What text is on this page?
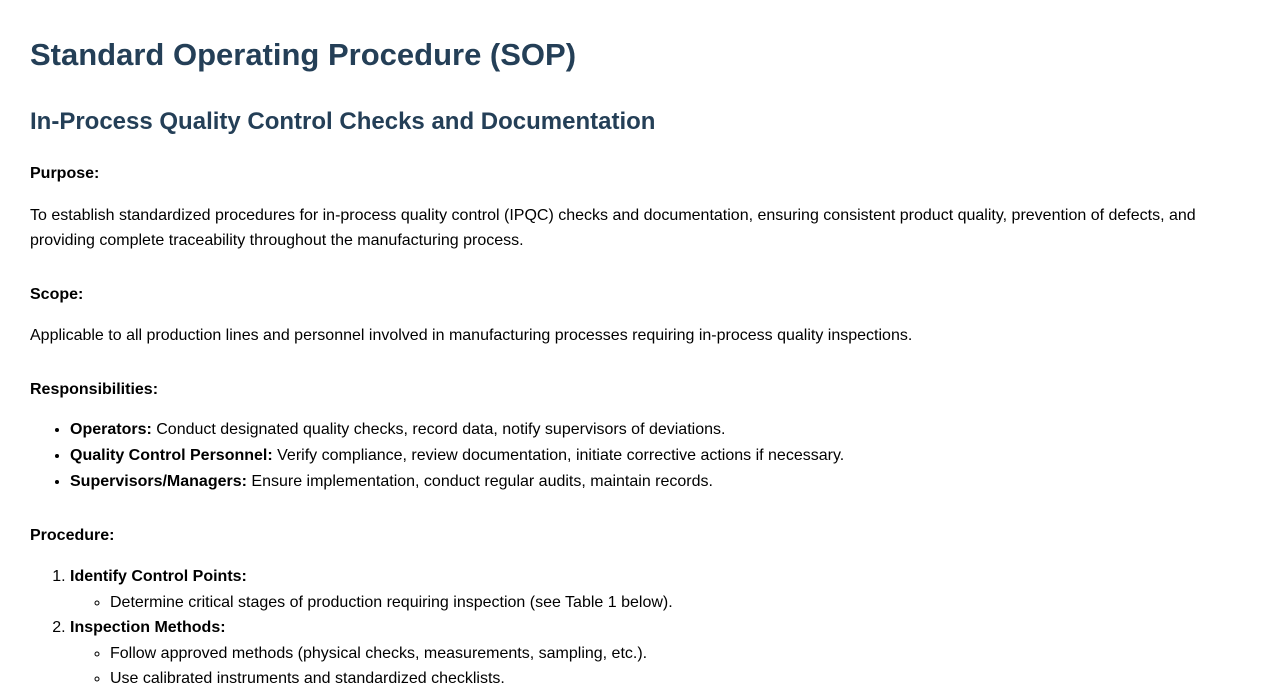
Standard Operating Procedure (SOP)
In-Process Quality Control Checks and Documentation

Purpose:

To establish standardized procedures for in-process quality control (IPQC) checks and documentation, ensuring consistent product quality, prevention of defects, and providing complete traceability throughout the manufacturing process.

Scope:

Applicable to all production lines and personnel involved in manufacturing processes requiring in-process quality inspections.

Responsibilities:

• Operators: Conduct designated quality checks, record data, notify supervisors of deviations.
• Quality Control Personnel: Verify compliance, review documentation, initiate corrective actions if necessary.
• Supervisors/Managers: Ensure implementation, conduct regular audits, maintain records.

Procedure:

1. Identify Control Points:
◦ Determine critical stages of production requiring inspection (see Table 1 below).
2. Inspection Methods:
◦ Follow approved methods (physical checks, measurements, sampling, etc.).
◦ Use calibrated instruments and standardized checklists.
